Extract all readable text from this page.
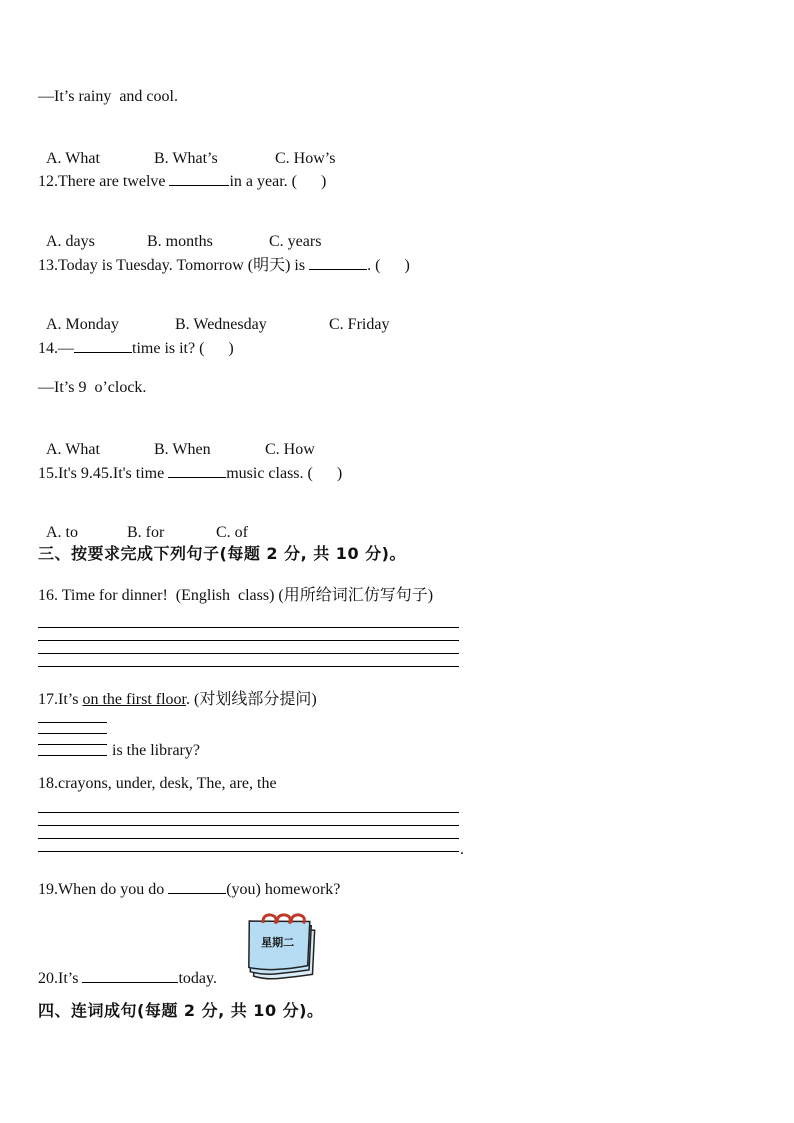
—It’s rainy  and cool.

A. What	B. What’s	C. How’s

12.There are twelve	in a year. (      )

A. days	B. months	C. years

13.Today is Tuesday. Tomorrow (明天) is	. (      )

A. Monday	B. Wednesday	C. Friday

14.—	time is it? (      )
—It’s 9  o’clock.

A. What	B. When	C. How

15.It's 9.45.It's time	music class. (      )

A. to	B. for	C. of

三、按要求完成下列句子(每题 2 分, 共 10 分)。
16. Time for dinner!  (English  class) (用所给词汇仿写句子)
17.It’s on the first floor. (对划线部分提问)
is the library?
18.crayons, under, desk, The, are, the
.
19.When do you do	(you) homework?
星期二
20.It’s	today.
四、连词成句(每题 2 分, 共 10 分)。
